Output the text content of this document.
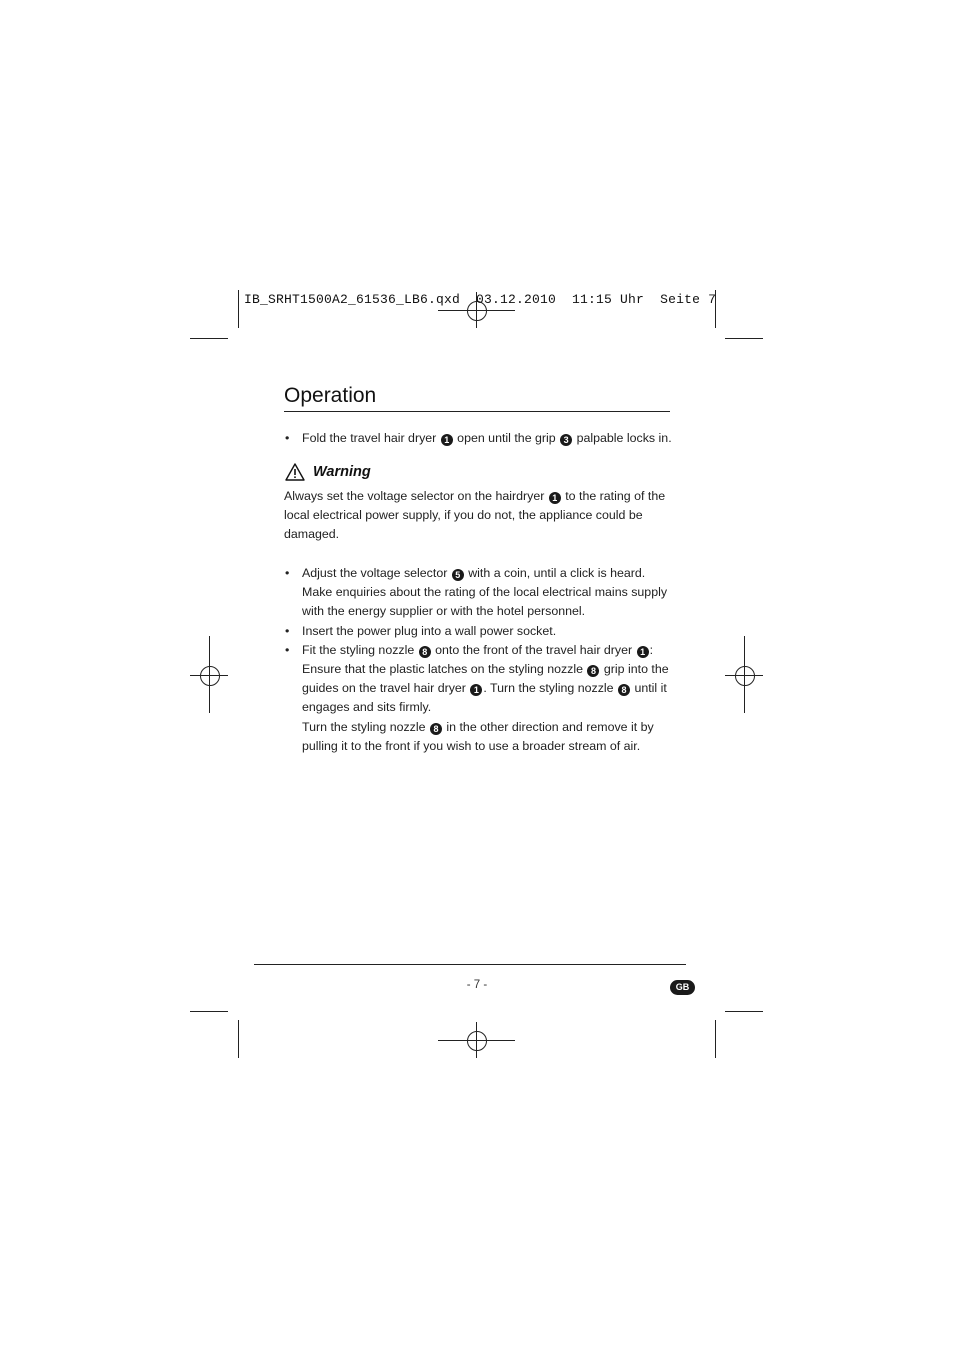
IB_SRHT1500A2_61536_LB6.qxd  03.12.2010  11:15 Uhr  Seite 7
Operation
• Fold the travel hair dryer 1 open until the grip 3 palpable locks in.
Warning

Always set the voltage selector on the hairdryer 1 to the rating of the local electrical power supply, if you do not, the appliance could be damaged.

• Adjust the voltage selector 5 with a coin, until a click is heard. Make enquiries about the rating of the local electrical mains supply with the energy supplier or with the hotel personnel.
• Insert the power plug into a wall power socket.
• Fit the styling nozzle 8 onto the front of the travel hair dryer 1 : Ensure that the plastic latches on the styling nozzle 8 grip into the guides on the travel hair dryer 1 . Turn the styling nozzle 8 until it engages and sits firmly.
Turn the styling nozzle 8 in the other direction and remove it by pulling it to the front if you wish to use a broader stream of air.
- 7 -	GB
